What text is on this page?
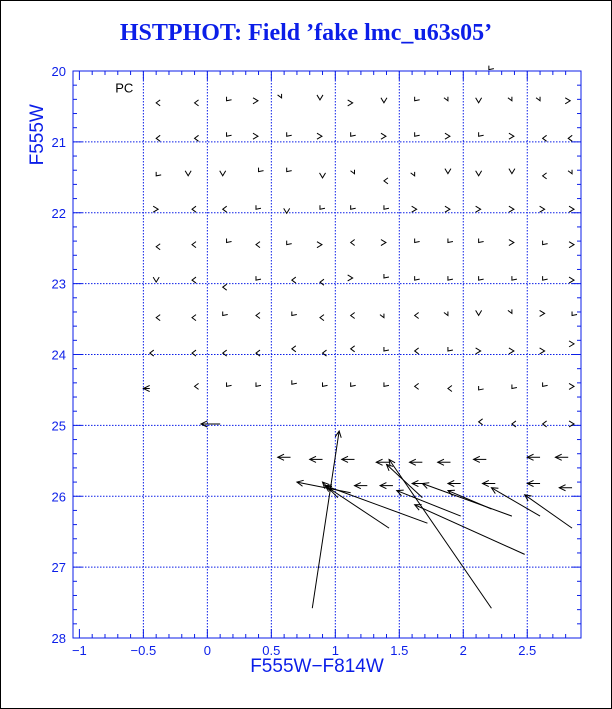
HSTPHOT: Field ’fake lmc_u63s05’
−1	−0.5	0	0.5	1	1.5	2	2.5
20
21
22
23
24
25
26
27
28
PC
F555W−F814W
F555W
